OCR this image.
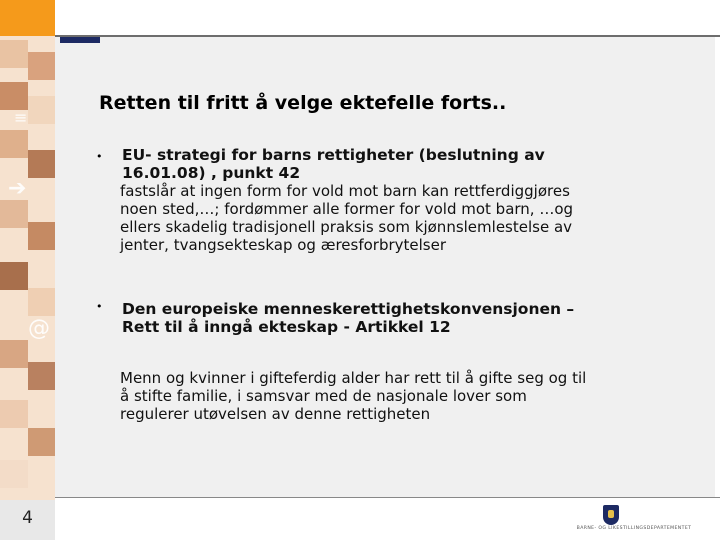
≡
➔
@
4
Retten til fritt å velge ektefelle forts..
• EU- strategi for barns rettigheter (beslutning av 16.01.08) , punkt 42
fastslår at ingen form for vold mot barn kan rettferdiggjøres noen sted,…; fordømmer alle former for vold mot barn, …og ellers skadelig tradisjonell praksis som kjønnslemlestelse av jenter, tvangsekteskap og æresforbrytelser
• Den europeiske menneskerettighetskonvensjonen – Rett til å inngå ekteskap - Artikkel 12
Menn og kvinner i gifteferdig alder har rett til å gifte seg og til å stifte familie, i samsvar med de nasjonale lover som regulerer utøvelsen av denne rettigheten
BARNE- OG LIKESTILLINGSDEPARTEMENTET
